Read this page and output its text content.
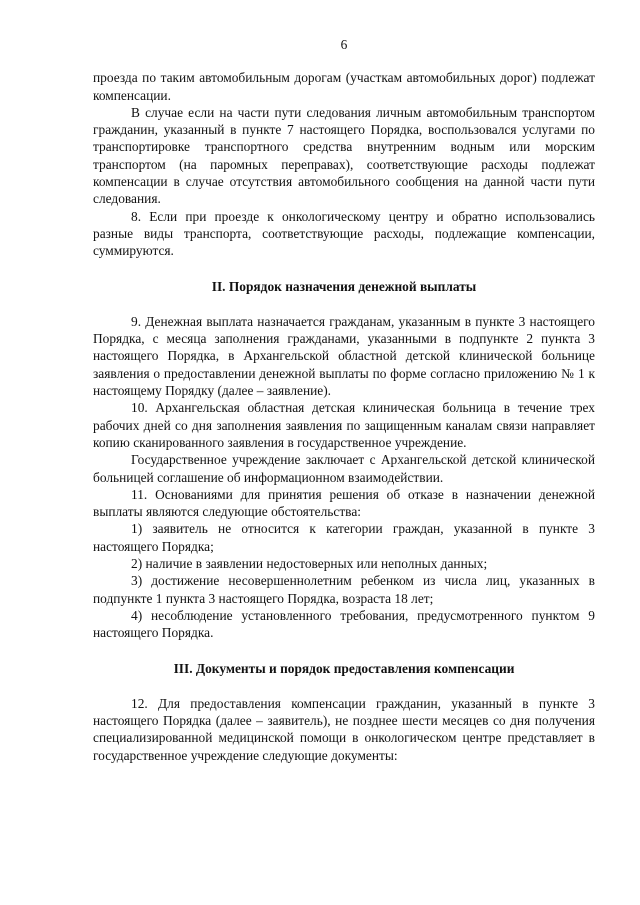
6

проезда по таким автомобильным дорогам (участкам автомобильных дорог) подлежат компенсации.

В случае если на части пути следования личным автомобильным транспортом гражданин, указанный в пункте 7 настоящего Порядка, воспользовался услугами по транспортировке транспортного средства внутренним водным или морским транспортом (на паромных переправах), соответствующие расходы подлежат компенсации в случае отсутствия автомобильного сообщения на данной части пути следования.

8. Если при проезде к онкологическому центру и обратно использовались разные виды транспорта, соответствующие расходы, подлежащие компенсации, суммируются.

II. Порядок назначения денежной выплаты

9. Денежная выплата назначается гражданам, указанным в пункте 3 настоящего Порядка, с месяца заполнения гражданами, указанными в подпункте 2 пункта 3 настоящего Порядка, в Архангельской областной детской клинической больнице заявления о предоставлении денежной выплаты по форме согласно приложению № 1 к настоящему Порядку (далее – заявление).

10. Архангельская областная детская клиническая больница в течение трех рабочих дней со дня заполнения заявления по защищенным каналам связи направляет копию сканированного заявления в государственное учреждение.

Государственное учреждение заключает с Архангельской детской клинической больницей соглашение об информационном взаимодействии.

11. Основаниями для принятия решения об отказе в назначении денежной выплаты являются следующие обстоятельства:

1) заявитель не относится к категории граждан, указанной в пункте 3 настоящего Порядка;

2) наличие в заявлении недостоверных или неполных данных;

3) достижение несовершеннолетним ребенком из числа лиц, указанных в подпункте 1 пункта 3 настоящего Порядка, возраста 18 лет;

4) несоблюдение установленного требования, предусмотренного пунктом 9 настоящего Порядка.

III. Документы и порядок предоставления компенсации

12. Для предоставления компенсации гражданин, указанный в пункте 3 настоящего Порядка (далее – заявитель), не позднее шести месяцев со дня получения специализированной медицинской помощи в онкологическом центре представляет в государственное учреждение следующие документы:
